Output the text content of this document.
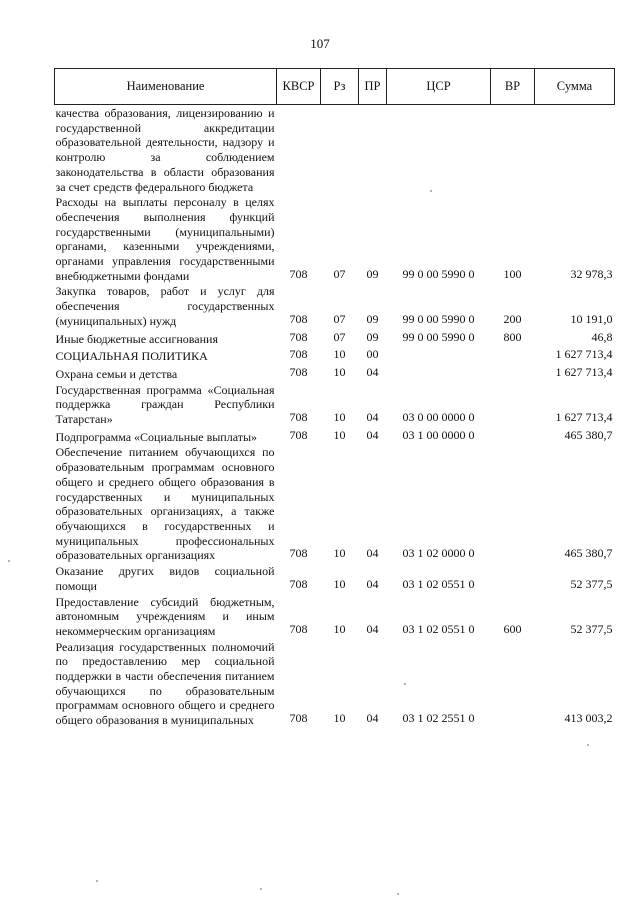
107
Наименование	КВСР	Рз	ПР	ЦСР	ВР	Сумма
качества образования, лицензированию и государственной аккредитации образовательной деятельности, надзору и контролю за соблюдением законодательства в области образования за счет средств федерального бюджета						
Расходы на выплаты персоналу в целях обеспечения выполнения функций государственными (муниципальными) органами, казенными учреждениями, органами управления государственными внебюджетными фондами	708	07	09	99 0 00 5990 0	100	32 978,3
Закупка товаров, работ и услуг для обеспечения государственных (муниципальных) нужд	708	07	09	99 0 00 5990 0	200	10 191,0
Иные бюджетные ассигнования	708	07	09	99 0 00 5990 0	800	46,8
СОЦИАЛЬНАЯ ПОЛИТИКА	708	10	00			1 627 713,4
Охрана семьи и детства	708	10	04			1 627 713,4
Государственная программа «Социальная поддержка граждан Республики Татарстан»	708	10	04	03 0 00 0000 0		1 627 713,4
Подпрограмма «Социальные выплаты»	708	10	04	03 1 00 0000 0		465 380,7
Обеспечение питанием обучающихся по образовательным программам основного общего и среднего общего образования в государственных и муниципальных образовательных организациях, а также обучающихся в государственных и муниципальных профессиональных образовательных организациях	708	10	04	03 1 02 0000 0		465 380,7
Оказание других видов социальной помощи	708	10	04	03 1 02 0551 0		52 377,5
Предоставление субсидий бюджетным, автономным учреждениям и иным некоммерческим организациям	708	10	04	03 1 02 0551 0	600	52 377,5
Реализация государственных полномочий по предоставлению мер социальной поддержки в части обеспечения питанием обучающихся по образовательным программам основного общего и среднего общего образования в муниципальных	708	10	04	03 1 02 2551 0		413 003,2
